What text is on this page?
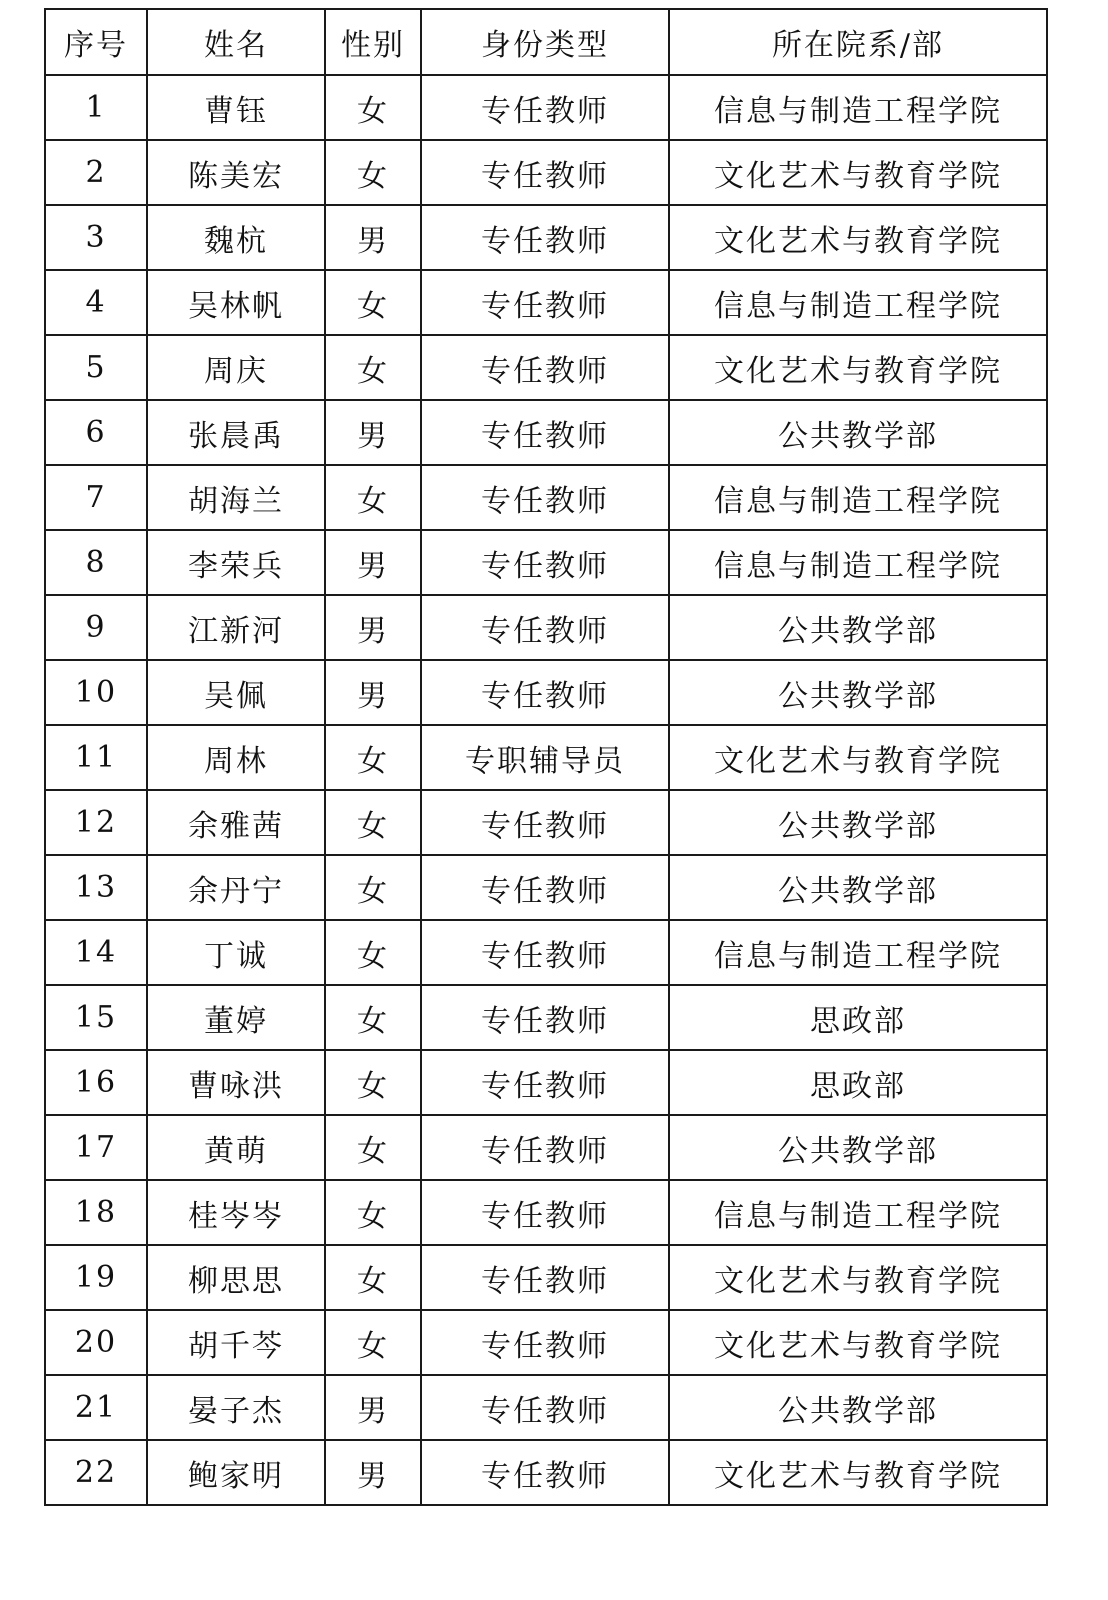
序号	姓名	性别	身份类型	所在院系/部
1	曹钰	女	专任教师	信息与制造工程学院
2	陈美宏	女	专任教师	文化艺术与教育学院
3	魏杭	男	专任教师	文化艺术与教育学院
4	吴林帆	女	专任教师	信息与制造工程学院
5	周庆	女	专任教师	文化艺术与教育学院
6	张晨禹	男	专任教师	公共教学部
7	胡海兰	女	专任教师	信息与制造工程学院
8	李荣兵	男	专任教师	信息与制造工程学院
9	江新河	男	专任教师	公共教学部
10	吴佩	男	专任教师	公共教学部
11	周林	女	专职辅导员	文化艺术与教育学院
12	余雅茜	女	专任教师	公共教学部
13	余丹宁	女	专任教师	公共教学部
14	丁诚	女	专任教师	信息与制造工程学院
15	董婷	女	专任教师	思政部
16	曹咏洪	女	专任教师	思政部
17	黄萌	女	专任教师	公共教学部
18	桂岑岑	女	专任教师	信息与制造工程学院
19	柳思思	女	专任教师	文化艺术与教育学院
20	胡千芩	女	专任教师	文化艺术与教育学院
21	晏子杰	男	专任教师	公共教学部
22	鲍家明	男	专任教师	文化艺术与教育学院
